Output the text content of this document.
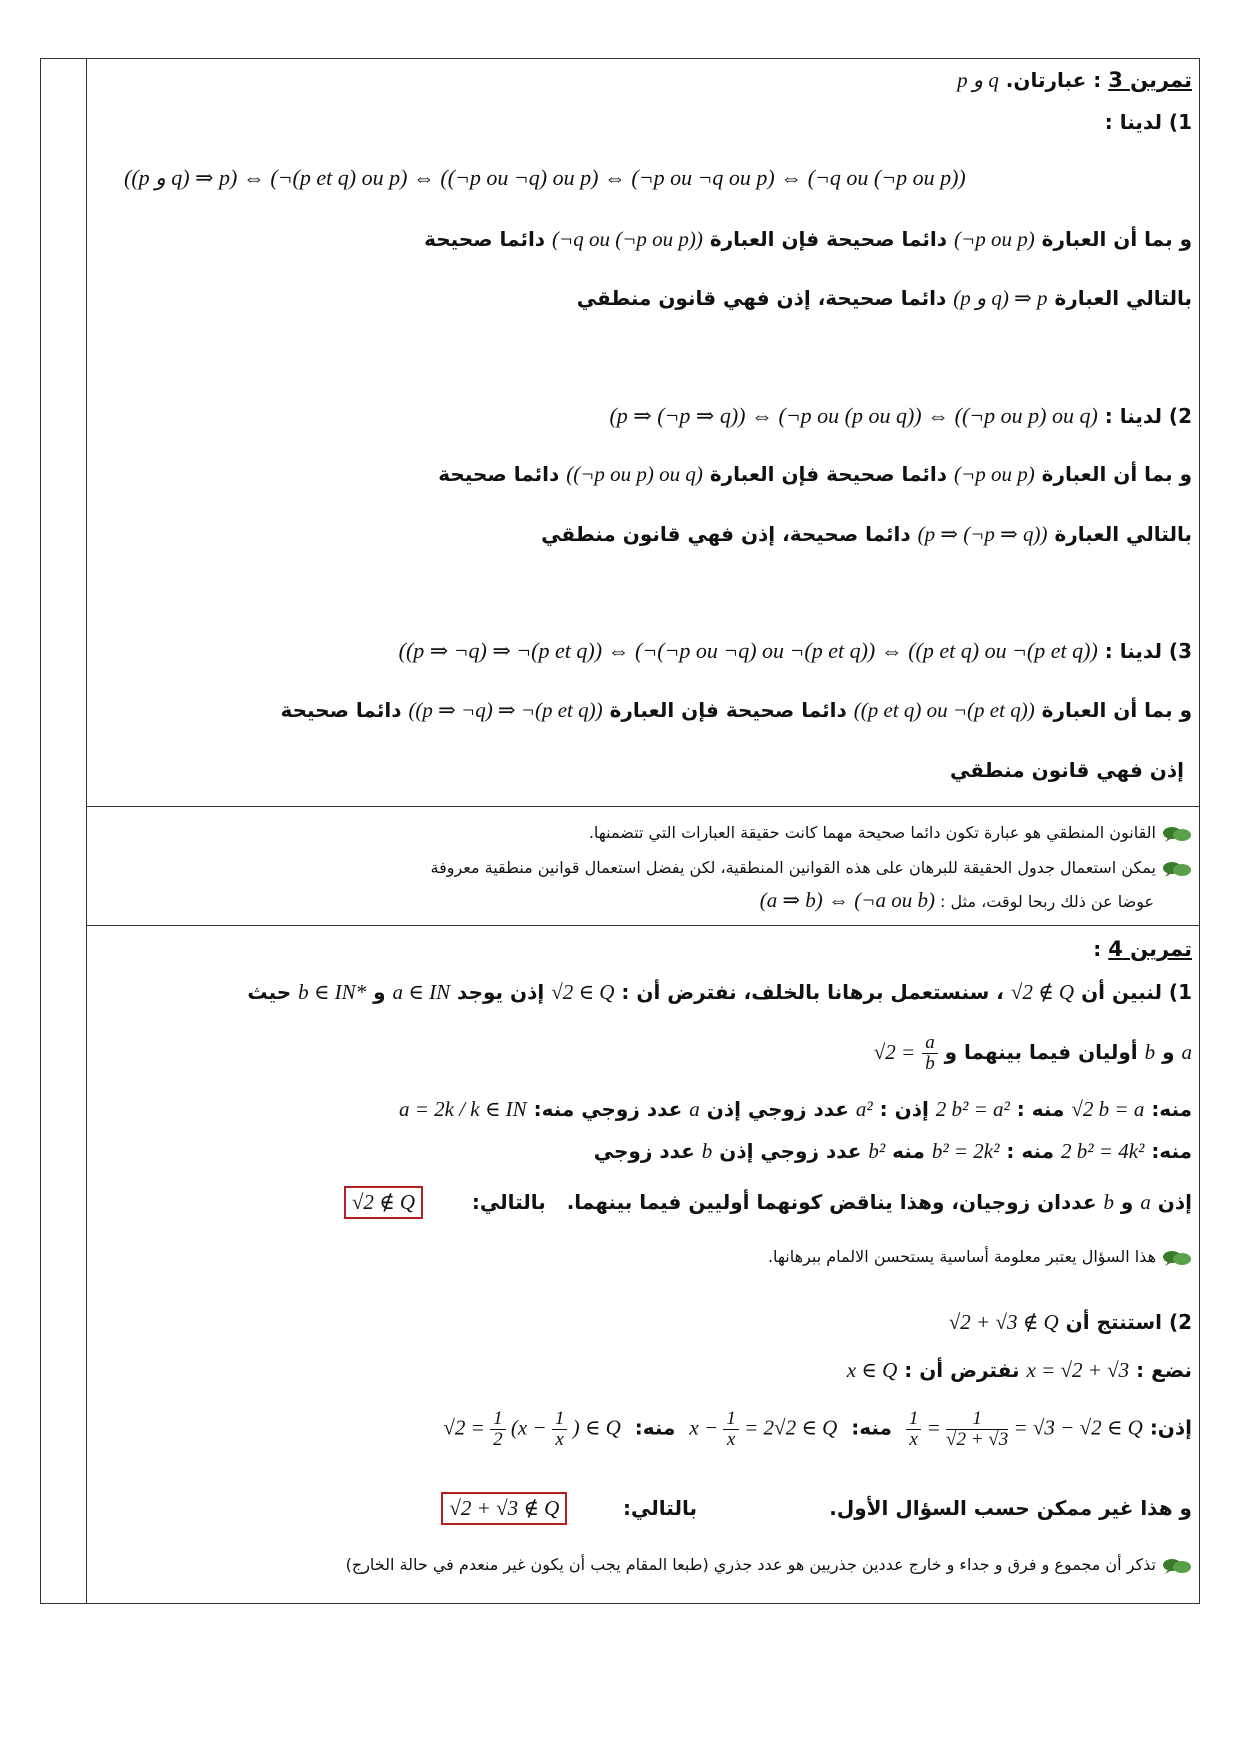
تمرين 3 : عبارتان. p و q
1) لدينا :
((p و q) ⇒ p) ⇔ (¬(p et q) ou p) ⇔ ((¬p ou ¬q) ou p) ⇔ (¬p ou ¬q ou p) ⇔ (¬q ou (¬p ou p))
و بما أن العبارة (¬p ou p) دائما صحيحة فإن العبارة (¬q ou (¬p ou p)) دائما صحيحة
بالتالي العبارة (p و q) ⇒ p دائما صحيحة، إذن فهي قانون منطقي
2) لدينا : (p ⇒ (¬p ⇒ q)) ⇔ (¬p ou (p ou q)) ⇔ ((¬p ou p) ou q)
و بما أن العبارة (¬p ou p) دائما صحيحة فإن العبارة ((¬p ou p) ou q) دائما صحيحة
بالتالي العبارة (p ⇒ (¬p ⇒ q)) دائما صحيحة، إذن فهي قانون منطقي
3) لدينا : ((p ⇒ ¬q) ⇒ ¬(p et q)) ⇔ (¬(¬p ou ¬q) ou ¬(p et q)) ⇔ ((p et q) ou ¬(p et q))
و بما أن العبارة ((p et q) ou ¬(p et q)) دائما صحيحة فإن العبارة ((p ⇒ ¬q) ⇒ ¬(p et q)) دائما صحيحة
إذن فهي قانون منطقي
القانون المنطقي هو عبارة تكون دائما صحيحة مهما كانت حقيقة العبارات التي تتضمنها.
يمكن استعمال جدول الحقيقة للبرهان على هذه القوانين المنطقية، لكن يفضل استعمال قوانين منطقية معروفة
عوضا عن ذلك ربحا لوقت، مثل : (a ⇒ b) ⇔ (¬a ou b)
تمرين 4 :
1) لنبين أن √2 ∉ Q ، سنستعمل برهانا بالخلف، نفترض أن : √2 ∈ Q إذن يوجد a ∈ IN و b ∈ IN* حيث
a و b أوليان فيما بينهما و $√2 = \frac{a}{b}$
منه: √2 b = a منه : 2 b² = a² إذن : a² عدد زوجي إذن a عدد زوجي منه: a = 2k / k ∈ IN
منه: 2 b² = 4k² منه : b² = 2k² منه b² عدد زوجي إذن b عدد زوجي
إذن a و b عددان زوجيان، وهذا يناقض كونهما أوليين فيما بينهما.   بالتالي:       √2 ∉ Q
هذا السؤال يعتبر معلومة أساسية يستحسن الالمام ببرهانها.
2) استنتج أن √2 + √3 ∉ Q
نضع : x = √2 + √3 نفترض أن : x ∈ Q
إذن:
$\frac{1}{x} = \frac{1}{√2 + √3} = √3 - √2$ ∈ Q  منه:  $x - \frac{1}{x} = 2√2$ ∈ Q  منه:  $√2 = \frac{1}{2} (x - \frac{1}{x}$ ) ∈ Q
و هذا غير ممكن حسب السؤال الأول.                   بالتالي:        √2 + √3 ∉ Q
تذكر أن مجموع و فرق و جداء و خارج عددين جذريين هو عدد جذري (طبعا المقام يجب أن يكون غير منعدم في حالة الخارج)
